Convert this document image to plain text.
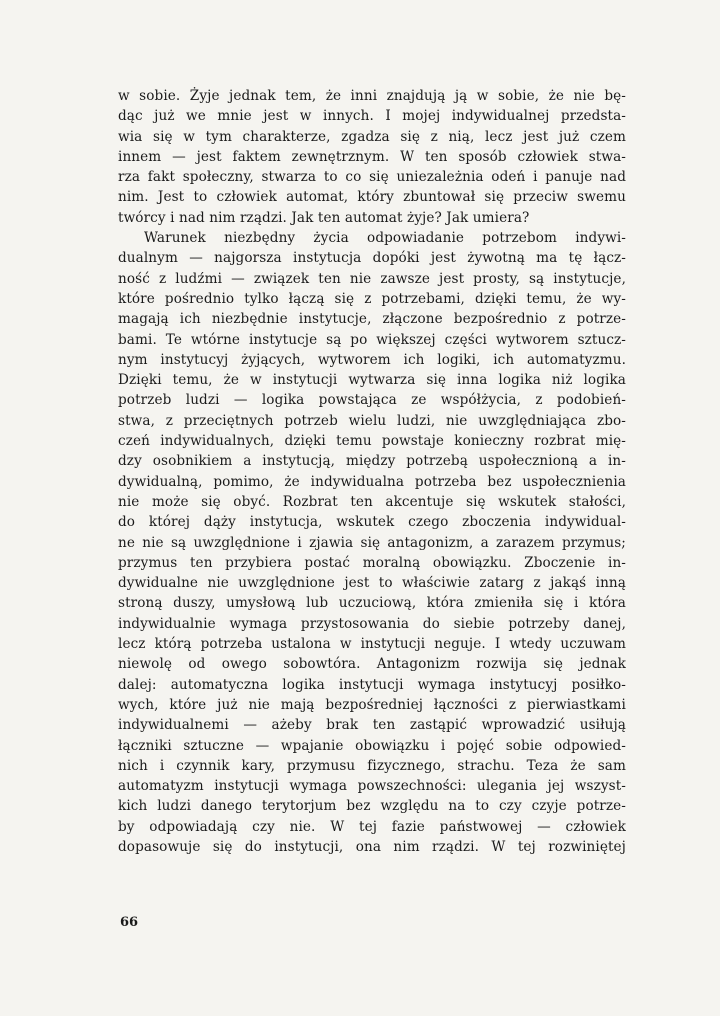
w sobie. Żyje jednak tem, że inni znajdują ją w sobie, że nie bę-
dąc już we mnie jest w innych. I mojej indywidualnej przedsta-
wia się w tym charakterze, zgadza się z nią, lecz jest już czem
innem — jest faktem zewnętrznym. W ten sposób człowiek stwa-
rza fakt społeczny, stwarza to co się uniezależnia odeń i panuje nad
nim. Jest to człowiek automat, który zbuntował się przeciw swemu
twórcy i nad nim rządzi. Jak ten automat żyje? Jak umiera?
Warunek niezbędny życia odpowiadanie potrzebom indywi-
dualnym — najgorsza instytucja dopóki jest żywotną ma tę łącz-
ność z ludźmi — związek ten nie zawsze jest prosty, są instytucje,
które pośrednio tylko łączą się z potrzebami, dzięki temu, że wy-
magają ich niezbędnie instytucje, złączone bezpośrednio z potrze-
bami. Te wtórne instytucje są po większej części wytworem sztucz-
nym instytucyj żyjących, wytworem ich logiki, ich automatyzmu.
Dzięki temu, że w instytucji wytwarza się inna logika niż logika
potrzeb ludzi — logika powstająca ze współżycia, z podobień-
stwa, z przeciętnych potrzeb wielu ludzi, nie uwzględniająca zbo-
czeń indywidualnych, dzięki temu powstaje konieczny rozbrat mię-
dzy osobnikiem a instytucją, między potrzebą uspołecznioną a in-
dywidualną, pomimo, że indywidualna potrzeba bez uspołecznienia
nie może się obyć. Rozbrat ten akcentuje się wskutek stałości,
do której dąży instytucja, wskutek czego zboczenia indywidual-
ne nie są uwzględnione i zjawia się antagonizm, a zarazem przymus;
przymus ten przybiera postać moralną obowiązku. Zboczenie in-
dywidualne nie uwzględnione jest to właściwie zatarg z jakąś inną
stroną duszy, umysłową lub uczuciową, która zmieniła się i która
indywidualnie wymaga przystosowania do siebie potrzeby danej,
lecz którą potrzeba ustalona w instytucji neguje. I wtedy uczuwam
niewolę od owego sobowtóra. Antagonizm rozwija się jednak
dalej: automatyczna logika instytucji wymaga instytucyj posiłko-
wych, które już nie mają bezpośredniej łączności z pierwiastkami
indywidualnemi — ażeby brak ten zastąpić wprowadzić usiłują
łączniki sztuczne — wpajanie obowiązku i pojęć sobie odpowied-
nich i czynnik kary, przymusu fizycznego, strachu. Teza że sam
automatyzm instytucji wymaga powszechności: ulegania jej wszyst-
kich ludzi danego terytorjum bez względu na to czy czyje potrze-
by odpowiadają czy nie. W tej fazie państwowej — człowiek
dopasowuje się do instytucji, ona nim rządzi. W tej rozwiniętej
66
